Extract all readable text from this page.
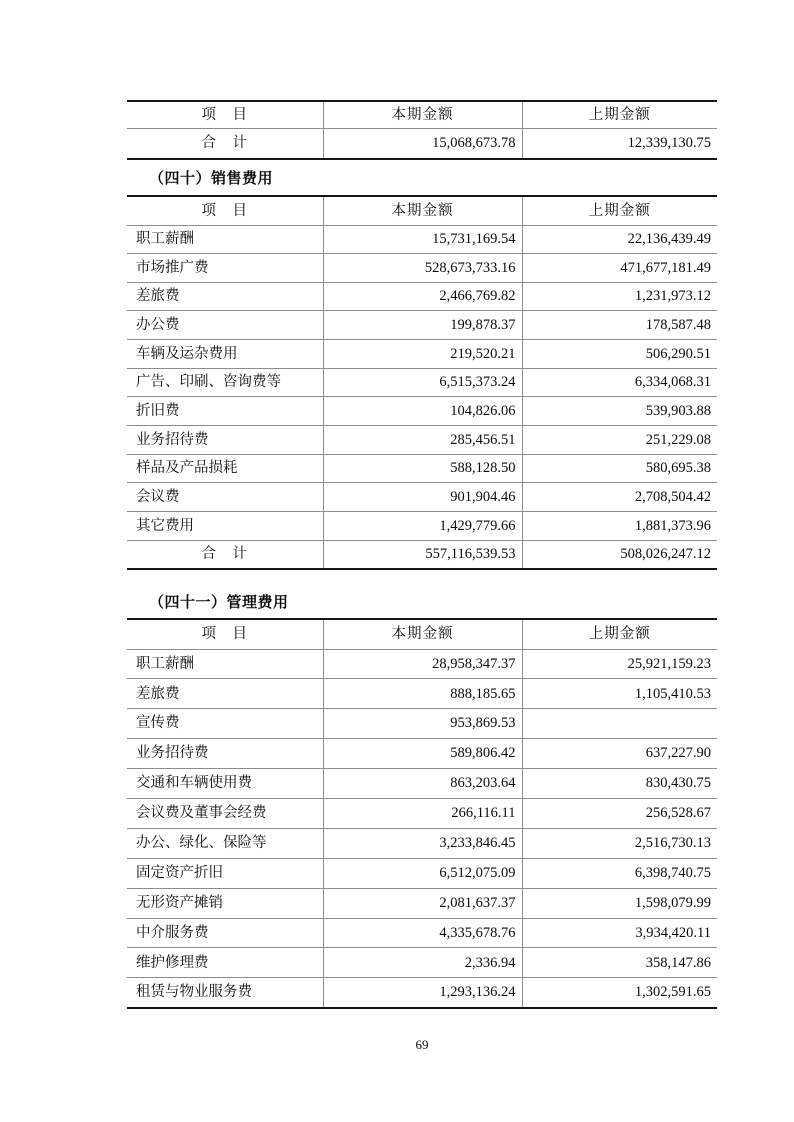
项　目	本期金额	上期金额
合　计	15,068,673.78	12,339,130.75
（四十）销售费用
项　目	本期金额	上期金额
职工薪酬	15,731,169.54	22,136,439.49
市场推广费	528,673,733.16	471,677,181.49
差旅费	2,466,769.82	1,231,973.12
办公费	199,878.37	178,587.48
车辆及运杂费用	219,520.21	506,290.51
广告、印刷、咨询费等	6,515,373.24	6,334,068.31
折旧费	104,826.06	539,903.88
业务招待费	285,456.51	251,229.08
样品及产品损耗	588,128.50	580,695.38
会议费	901,904.46	2,708,504.42
其它费用	1,429,779.66	1,881,373.96
合　计	557,116,539.53	508,026,247.12
（四十一）管理费用
项　目	本期金额	上期金额
职工薪酬	28,958,347.37	25,921,159.23
差旅费	888,185.65	1,105,410.53
宣传费	953,869.53	
业务招待费	589,806.42	637,227.90
交通和车辆使用费	863,203.64	830,430.75
会议费及董事会经费	266,116.11	256,528.67
办公、绿化、保险等	3,233,846.45	2,516,730.13
固定资产折旧	6,512,075.09	6,398,740.75
无形资产摊销	2,081,637.37	1,598,079.99
中介服务费	4,335,678.76	3,934,420.11
维护修理费	2,336.94	358,147.86
租赁与物业服务费	1,293,136.24	1,302,591.65
69
